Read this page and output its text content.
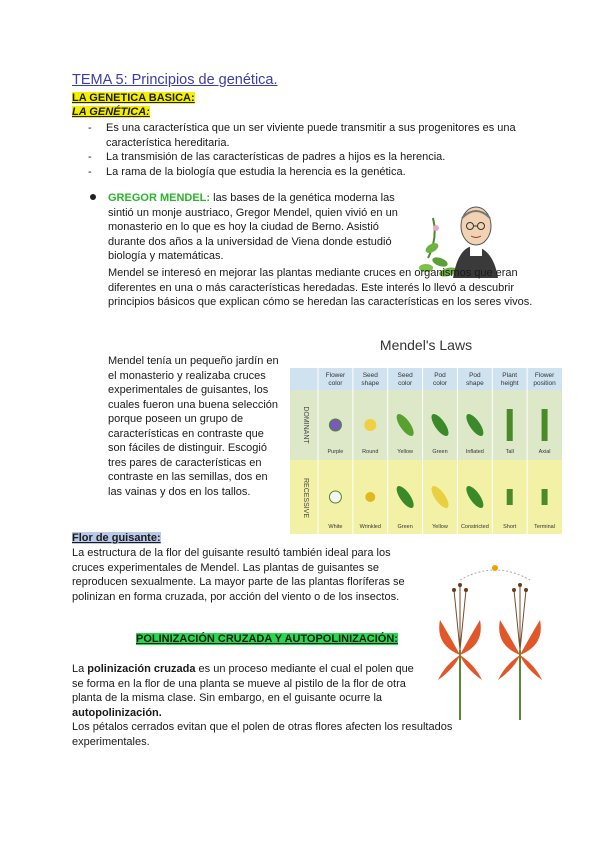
TEMA 5: Principios de genética.
LA GENETICA BASICA:
LA GENÉTICA:
- Es una característica que un ser viviente puede transmitir a sus progenitores es una característica hereditaria.
- La transmisión de las características de padres a hijos es la herencia.
- La rama de la biología que estudia la herencia es la genética.
GREGOR MENDEL: las bases de la genética moderna las sintió un monje austriaco, Gregor Mendel, quien vivió en un monasterio en lo que es hoy la ciudad de Berno. Asistió durante dos años a la universidad de Viena donde estudió biología y matemáticas.
Mendel se interesó en mejorar las plantas mediante cruces en organismos que eran diferentes en una o más características heredadas. Este interés lo llevó a descubrir principios básicos que explican cómo se heredan las características en los seres vivos.
Mendel tenía un pequeño jardín en el monasterio y realizaba cruces experimentales de guisantes, los cuales fueron una buena selección porque poseen un grupo de características en contraste que son fáciles de distinguir. Escogió tres pares de características en contraste en las semillas, dos en las vainas y dos en los tallos.
Mendel's Laws
Flower
color
Purple
White
Seed
shape
Round
Wrinkled
Seed
color
Yellow
Green
Pod
color
Green
Yellow
Pod
shape
Inflated
Constricted
Plant
height
Tall
Short
Flower
position
Axial
Terminal
DOMINANT
RECESSIVE
Flor de guisante:
La estructura de la flor del guisante resultó también ideal para los cruces experimentales de Mendel. Las plantas de guisantes se reproducen sexualmente. La mayor parte de las plantas floríferas se polinizan en forma cruzada, por acción del viento o de los insectos.
POLINIZACIÓN CRUZADA Y AUTOPOLINIZACIÓN:
La polinización cruzada es un proceso mediante el cual el polen que se forma en la flor de una planta se mueve al pistilo de la flor de otra planta de la misma clase. Sin embargo, en el guisante ocurre la autopolinización.
Los pétalos cerrados evitan que el polen de otras flores afecten los resultados experimentales.
